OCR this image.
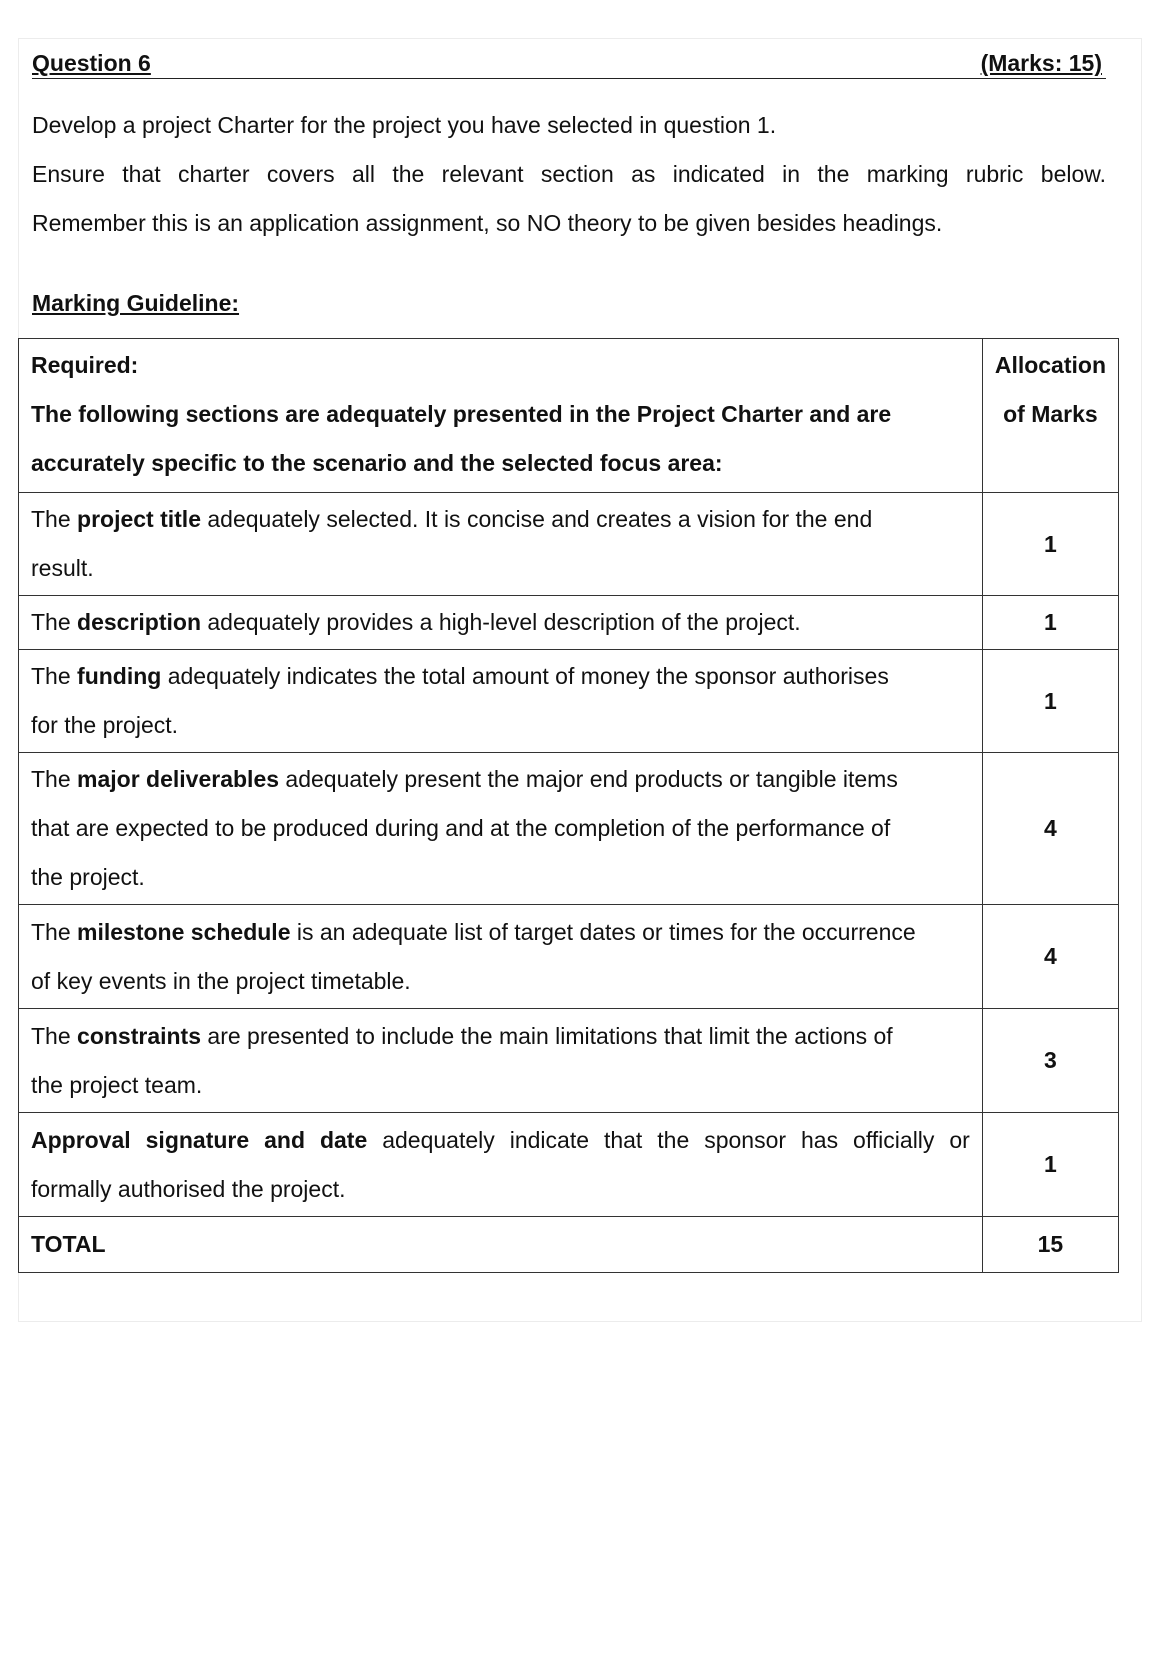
Question 6	(Marks: 15)

Develop a project Charter for the project you have selected in question 1.

Ensure that charter covers all the relevant section as indicated in the marking rubric below.

Remember this is an application assignment, so NO theory to be given besides headings.

Marking Guideline:
Required:
The following sections are adequately presented in the Project Charter and are
accurately specific to the scenario and the selected focus area:	Allocation
of Marks

The project title adequately selected. It is concise and creates a vision for the end
result.	1

The description adequately provides a high-level description of the project.	1

The funding adequately indicates the total amount of money the sponsor authorises
for the project.	1

The major deliverables adequately present the major end products or tangible items
that are expected to be produced during and at the completion of the performance of
the project.	4

The milestone schedule is an adequate list of target dates or times for the occurrence
of key events in the project timetable.	4

The constraints are presented to include the main limitations that limit the actions of
the project team.	3

Approval signature and date adequately indicate that the sponsor has officially or
formally authorised the project.	1
TOTAL	15
